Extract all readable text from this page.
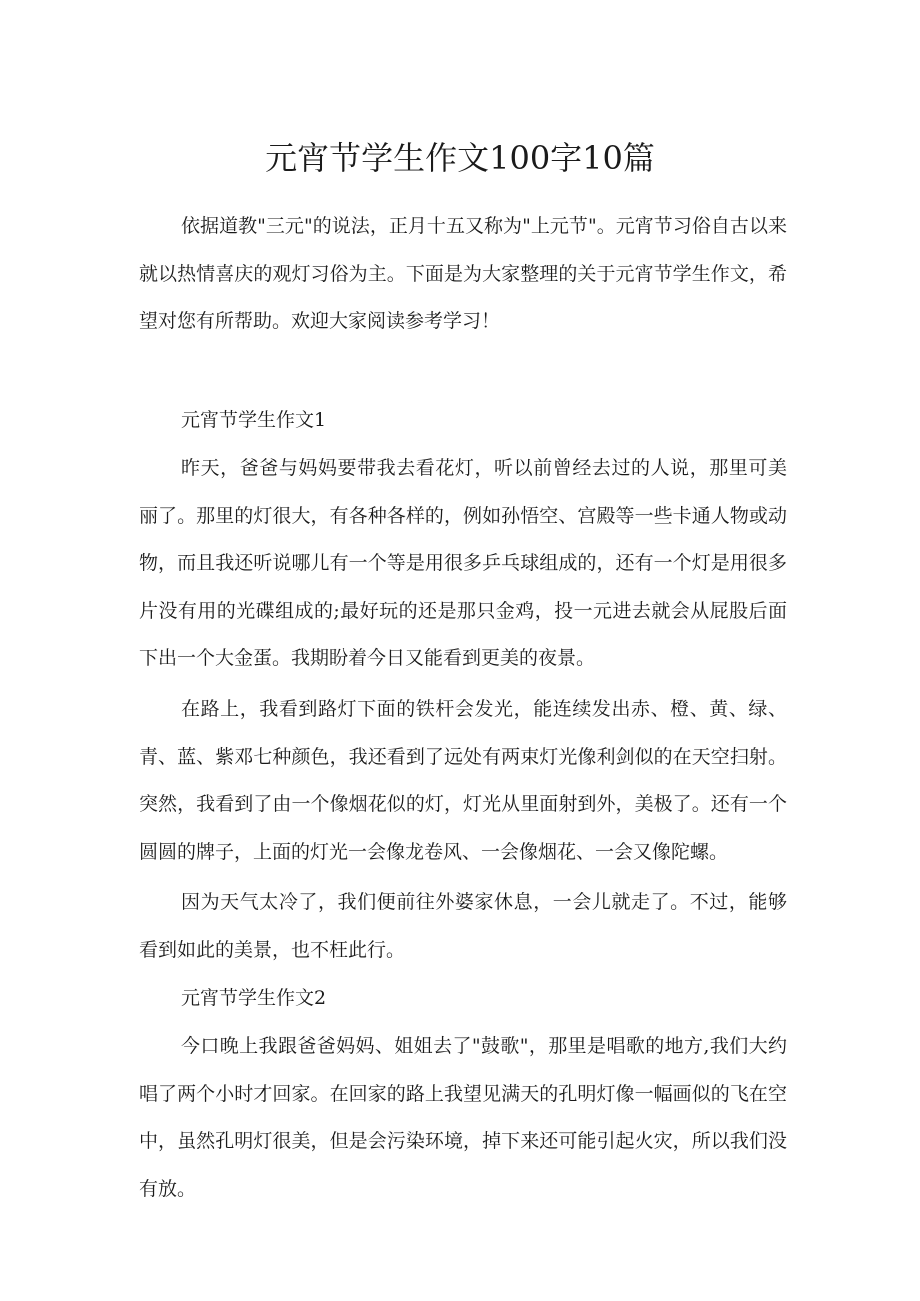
元宵节学生作文100字10篇

依据道教"三元"的说法，正月十五又称为"上元节"。元宵节习俗自古以来就以热情喜庆的观灯习俗为主。下面是为大家整理的关于元宵节学生作文，希望对您有所帮助。欢迎大家阅读参考学习！

元宵节学生作文1

昨天，爸爸与妈妈要带我去看花灯，听以前曾经去过的人说，那里可美丽了。那里的灯很大，有各种各样的，例如孙悟空、宫殿等一些卡通人物或动物，而且我还听说哪儿有一个等是用很多乒乓球组成的，还有一个灯是用很多片没有用的光碟组成的;最好玩的还是那只金鸡，投一元进去就会从屁股后面下出一个大金蛋。我期盼着今日又能看到更美的夜景。

在路上，我看到路灯下面的铁杆会发光，能连续发出赤、橙、黄、绿、青、蓝、紫邓七种颜色，我还看到了远处有两束灯光像利剑似的在天空扫射。突然，我看到了由一个像烟花似的灯，灯光从里面射到外，美极了。还有一个圆圆的牌子，上面的灯光一会像龙卷风、一会像烟花、一会又像陀螺。

因为天气太冷了，我们便前往外婆家休息，一会儿就走了。不过，能够看到如此的美景，也不枉此行。

元宵节学生作文2

今口晚上我跟爸爸妈妈、姐姐去了"鼓歌"，那里是唱歌的地方,我们大约唱了两个小时才回家。在回家的路上我望见满天的孔明灯像一幅画似的飞在空中，虽然孔明灯很美，但是会污染环境，掉下来还可能引起火灾，所以我们没有放。
